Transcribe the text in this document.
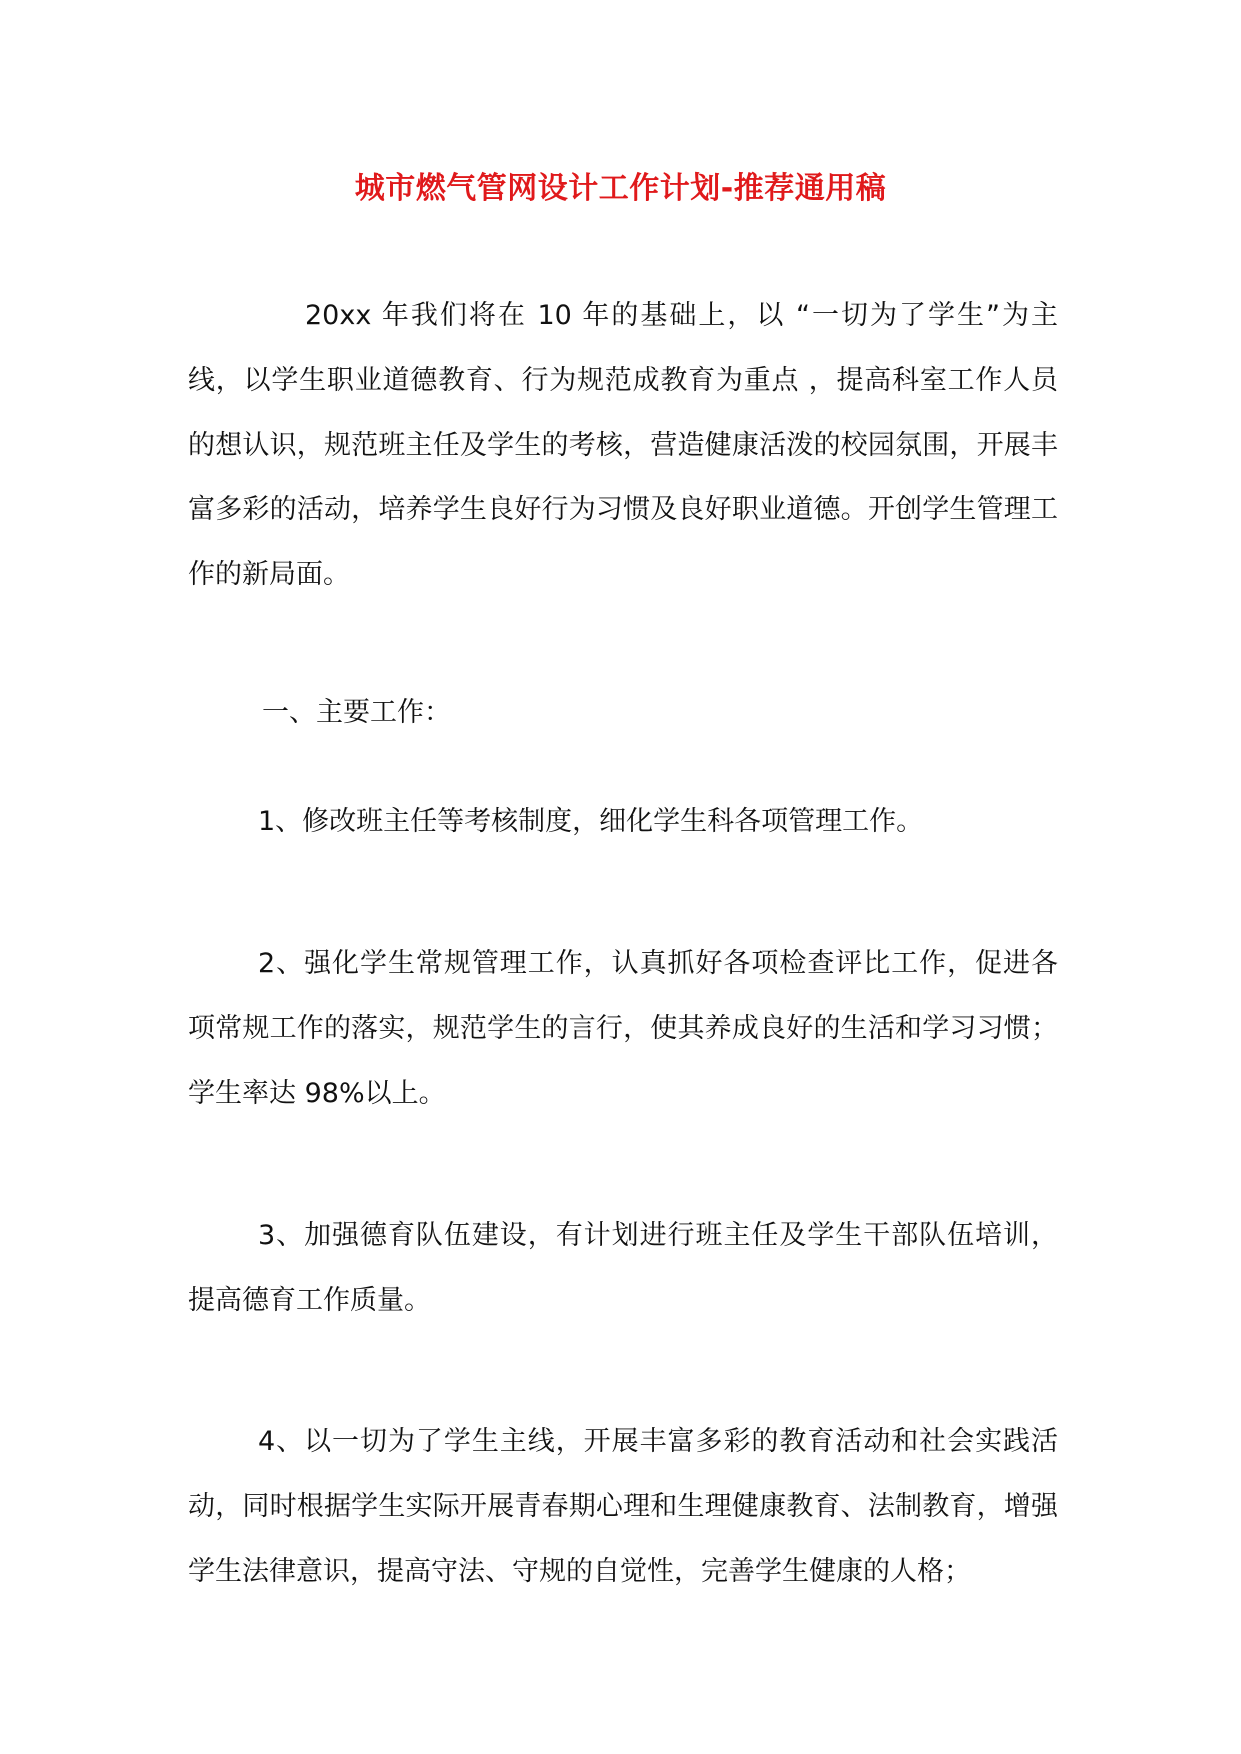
城市燃气管网设计工作计划-推荐通用稿

20xx 年我们将在 10 年的基础上，以 “一切为了学生”为主 线，以学生职业道德教育、行为规范成教育为重点 ，提高科室工作人员的想认识，规范班主任及学生的考核，营造健康活泼的校园氛围，开展丰富多彩的活动，培养学生良好行为习惯及良好职业道德。开创学生管理工作的新局面。

一、主要工作：

1、修改班主任等考核制度，细化学生科各项管理工作。

2、强化学生常规管理工作，认真抓好各项检查评比工作，促进各项常规工作的落实，规范学生的言行，使其养成良好的生活和学习习惯；学生率达 98%以上。

3、加强德育队伍建设，有计划进行班主任及学生干部队伍培训，提高德育工作质量。

4、以一切为了学生主线，开展丰富多彩的教育活动和社会实践活动，同时根据学生实际开展青春期心理和生理健康教育、法制教育，增强学生法律意识，提高守法、守规的自觉性，完善学生健康的人格；
